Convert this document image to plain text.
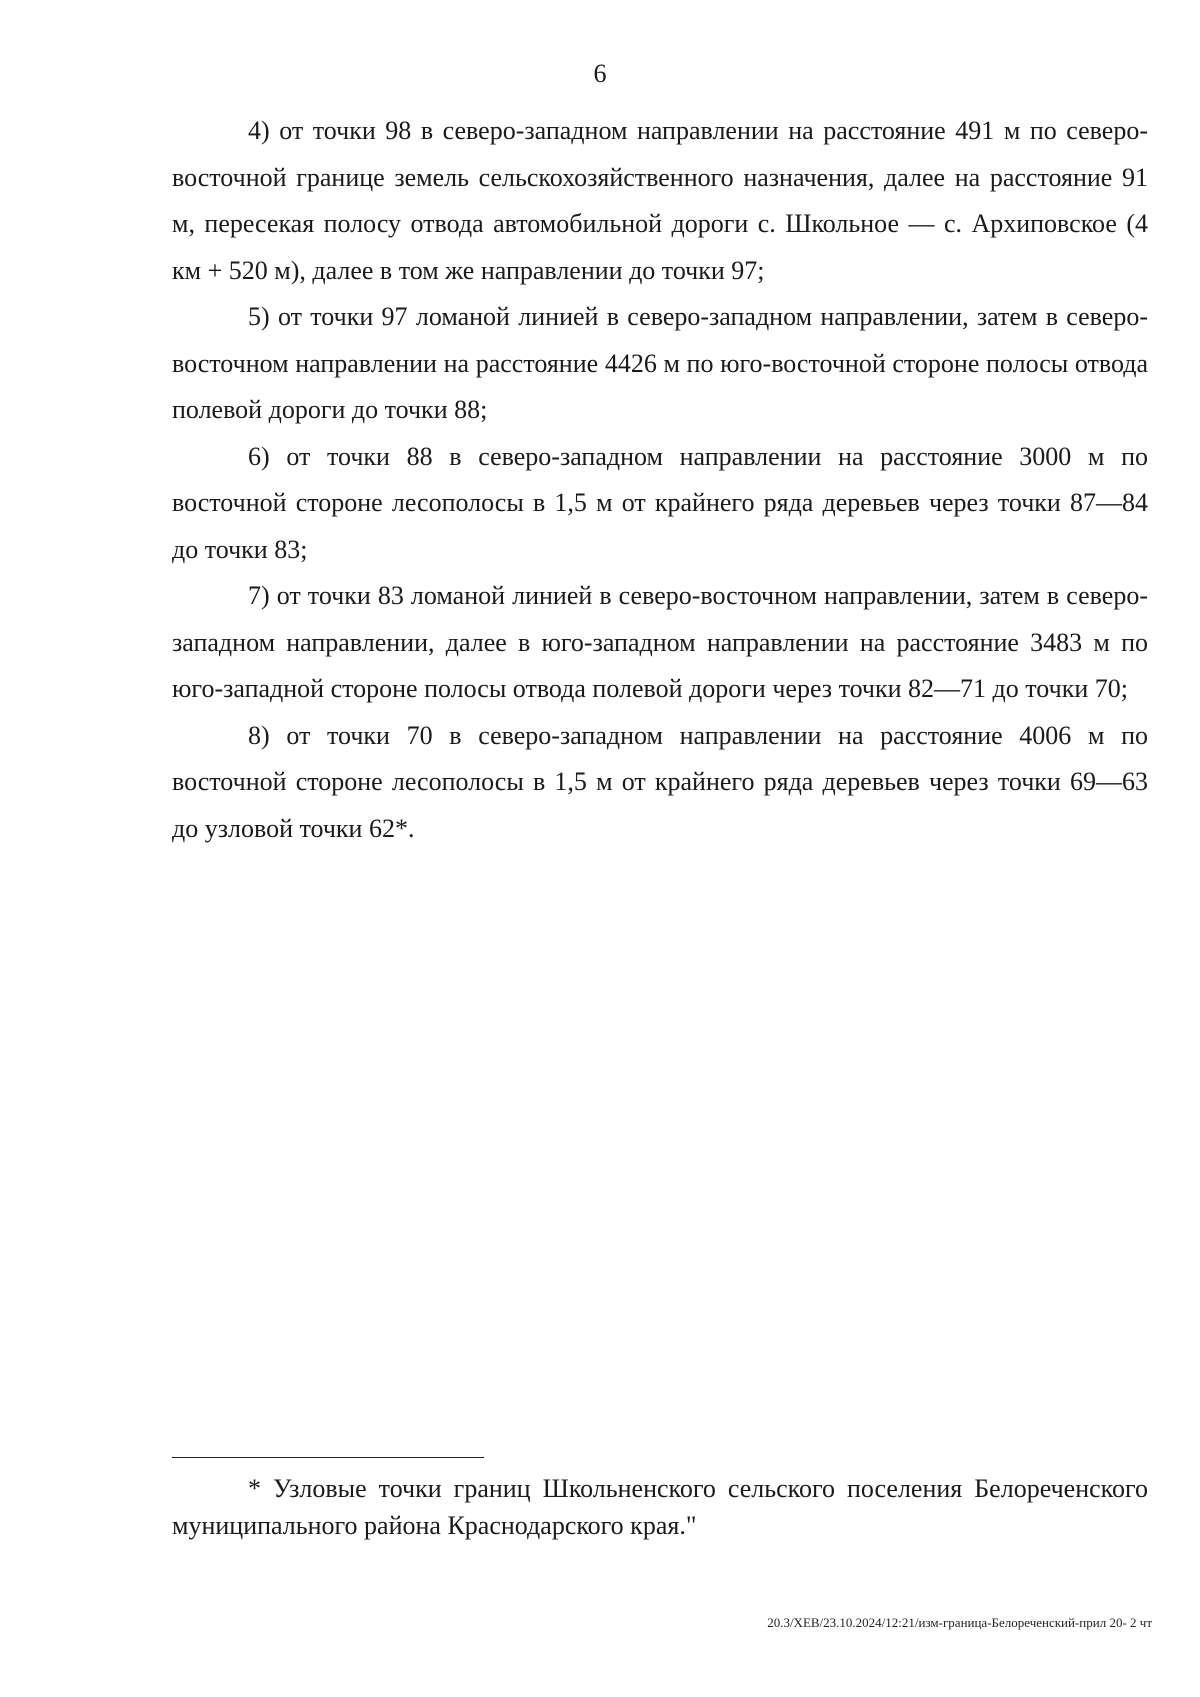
6

4) от точки 98 в северо-западном направлении на расстояние 491 м по северо-восточной границе земель сельскохозяйственного назначения, далее на расстояние 91 м, пересекая полосу отвода автомобильной дороги с. Школьное — с. Архиповское (4 км + 520 м), далее в том же направлении до точки 97;

5) от точки 97 ломаной линией в северо-западном направлении, затем в северо-восточном направлении на расстояние 4426 м по юго-восточной стороне полосы отвода полевой дороги до точки 88;

6) от точки 88 в северо-западном направлении на расстояние 3000 м по восточной стороне лесополосы в 1,5 м от крайнего ряда деревьев через точки 87—84 до точки 83;

7) от точки 83 ломаной линией в северо-восточном направлении, затем в северо-западном направлении, далее в юго-западном направлении на расстояние 3483 м по юго-западной стороне полосы отвода полевой дороги через точки 82—71 до точки 70;

8) от точки 70 в северо-западном направлении на расстояние 4006 м по восточной стороне лесополосы в 1,5 м от крайнего ряда деревьев через точки 69—63 до узловой точки 62*.

* Узловые точки границ Школьненского сельского поселения Белореченского муниципального района Краснодарского края."
20.3/ХЕВ/23.10.2024/12:21/изм-граница-Белореченский-прил 20- 2 чт
